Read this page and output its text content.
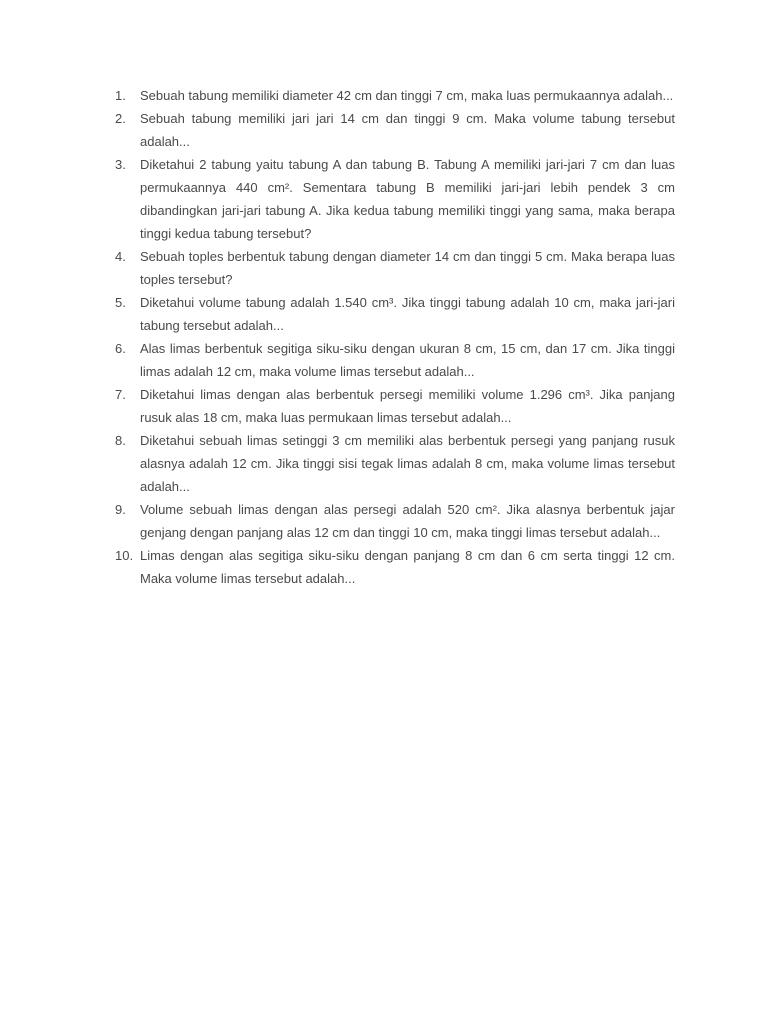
1.	Sebuah tabung memiliki diameter 42 cm dan tinggi 7 cm, maka luas permukaannya adalah...
2.	Sebuah tabung memiliki jari jari 14 cm dan tinggi 9 cm. Maka volume tabung tersebut adalah...
3.	Diketahui 2 tabung yaitu tabung A dan tabung B. Tabung A memiliki jari-jari 7 cm dan luas permukaannya 440 cm². Sementara tabung B memiliki jari-jari lebih pendek 3 cm dibandingkan jari-jari tabung A. Jika kedua tabung memiliki tinggi yang sama, maka berapa tinggi kedua tabung tersebut?
4.	Sebuah toples berbentuk tabung dengan diameter 14 cm dan tinggi 5 cm. Maka berapa luas toples tersebut?
5.	Diketahui volume tabung adalah 1.540 cm³. Jika tinggi tabung adalah 10 cm, maka jari-jari tabung tersebut adalah...
6.	Alas limas berbentuk segitiga siku-siku dengan ukuran 8 cm, 15 cm, dan 17 cm. Jika tinggi limas adalah 12 cm, maka volume limas tersebut adalah...
7.	Diketahui limas dengan alas berbentuk persegi memiliki volume 1.296 cm³. Jika panjang rusuk alas 18 cm, maka luas permukaan limas tersebut adalah...
8.	Diketahui sebuah limas setinggi 3 cm memiliki alas berbentuk persegi yang panjang rusuk alasnya adalah 12 cm. Jika tinggi sisi tegak limas adalah 8 cm, maka volume limas tersebut adalah...
9.	Volume sebuah limas dengan alas persegi adalah 520 cm². Jika alasnya berbentuk jajar genjang dengan panjang alas 12 cm dan tinggi 10 cm, maka tinggi limas tersebut adalah...
10. Limas dengan alas segitiga siku-siku dengan panjang 8 cm dan 6 cm serta tinggi 12 cm. Maka volume limas tersebut adalah...
